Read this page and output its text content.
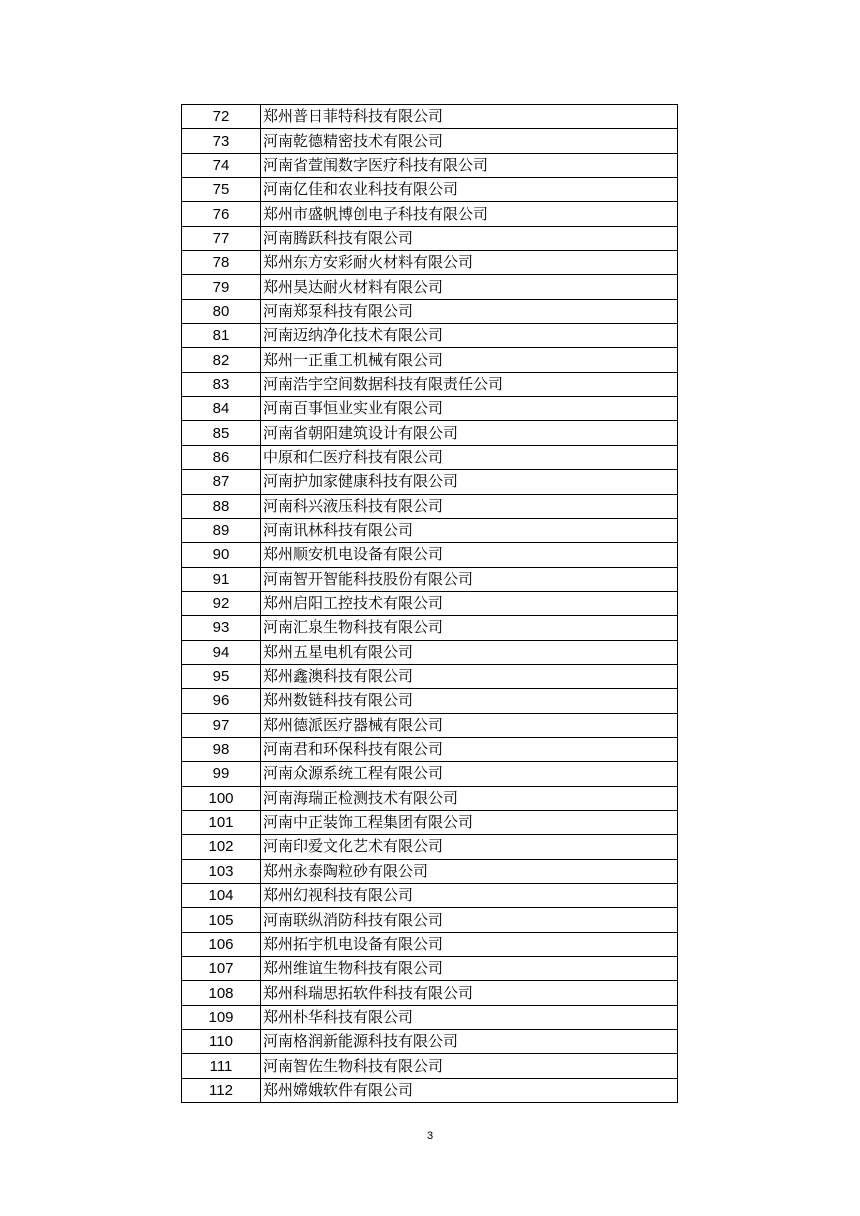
72	郑州普日菲特科技有限公司
73	河南乾德精密技术有限公司
74	河南省萱闱数字医疗科技有限公司
75	河南亿佳和农业科技有限公司
76	郑州市盛帆博创电子科技有限公司
77	河南腾跃科技有限公司
78	郑州东方安彩耐火材料有限公司
79	郑州昊达耐火材料有限公司
80	河南郑泵科技有限公司
81	河南迈纳净化技术有限公司
82	郑州一正重工机械有限公司
83	河南浩宇空间数据科技有限责任公司
84	河南百事恒业实业有限公司
85	河南省朝阳建筑设计有限公司
86	中原和仁医疗科技有限公司
87	河南护加家健康科技有限公司
88	河南科兴液压科技有限公司
89	河南讯林科技有限公司
90	郑州顺安机电设备有限公司
91	河南智开智能科技股份有限公司
92	郑州启阳工控技术有限公司
93	河南汇泉生物科技有限公司
94	郑州五星电机有限公司
95	郑州鑫澳科技有限公司
96	郑州数链科技有限公司
97	郑州德派医疗器械有限公司
98	河南君和环保科技有限公司
99	河南众源系统工程有限公司
100	河南海瑞正检测技术有限公司
101	河南中正装饰工程集团有限公司
102	河南印爱文化艺术有限公司
103	郑州永泰陶粒砂有限公司
104	郑州幻视科技有限公司
105	河南联纵消防科技有限公司
106	郑州拓宇机电设备有限公司
107	郑州维谊生物科技有限公司
108	郑州科瑞思拓软件科技有限公司
109	郑州朴华科技有限公司
110	河南格润新能源科技有限公司
111	河南智佐生物科技有限公司
112	郑州嫦娥软件有限公司
3
